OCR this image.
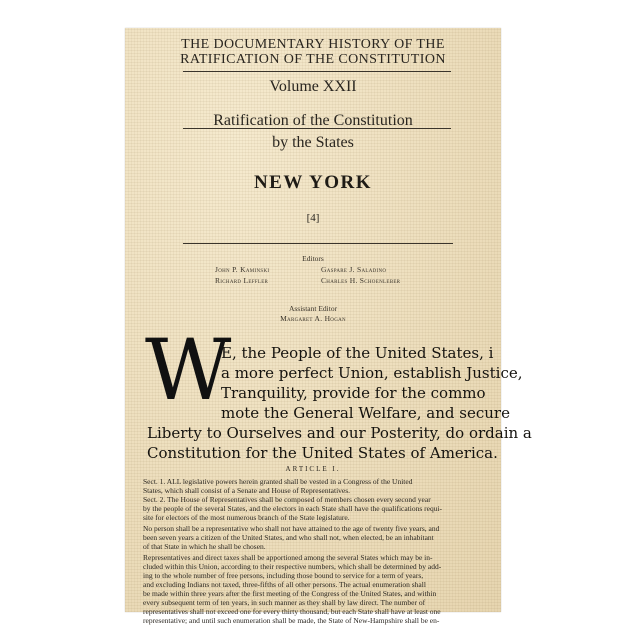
THE DOCUMENTARY HISTORY OF THE
RATIFICATION OF THE CONSTITUTION
Volume XXII
Ratification of the Constitution
by the States
NEW YORK
[4]
Editors
John P. Kaminski
Richard Leffler
Gaspare J. Saladino
Charles H. Schoenleber
Assistant Editor
Margaret A. Hogan
W
E, the People of the United States, i
a more perfect Union, establish Justice,
Tranquility, provide for the commo
mote the General Welfare, and secure
Liberty to Ourselves and our Posterity, do ordain a
Constitution for the United States of America.
ARTICLE I.
Sect. 1. ALL legislative powers herein granted shall be vested in a Congress of the United
States, which shall consist of a Senate and House of Representatives.
Sect. 2. The House of Representatives shall be composed of members chosen every second year
by the people of the several States, and the electors in each State shall have the qualifications requi-
site for electors of the most numerous branch of the State legislature.
No person shall be a representative who shall not have attained to the age of twenty five years, and
been seven years a citizen of the United States, and who shall not, when elected, be an inhabitant
of that State in which he shall be chosen.
Representatives and direct taxes shall be apportioned among the several States which may be in-
cluded within this Union, according to their respective numbers, which shall be determined by add-
ing to the whole number of free persons, including those bound to service for a term of years,
and excluding Indians not taxed, three-fifths of all other persons. The actual enumeration shall
be made within three years after the first meeting of the Congress of the United States, and within
every subsequent term of ten years, in such manner as they shall by law direct. The number of
representatives shall not exceed one for every thirty thousand, but each State shall have at least one
representative; and until such enumeration shall be made, the State of New-Hampshire shall be en-
